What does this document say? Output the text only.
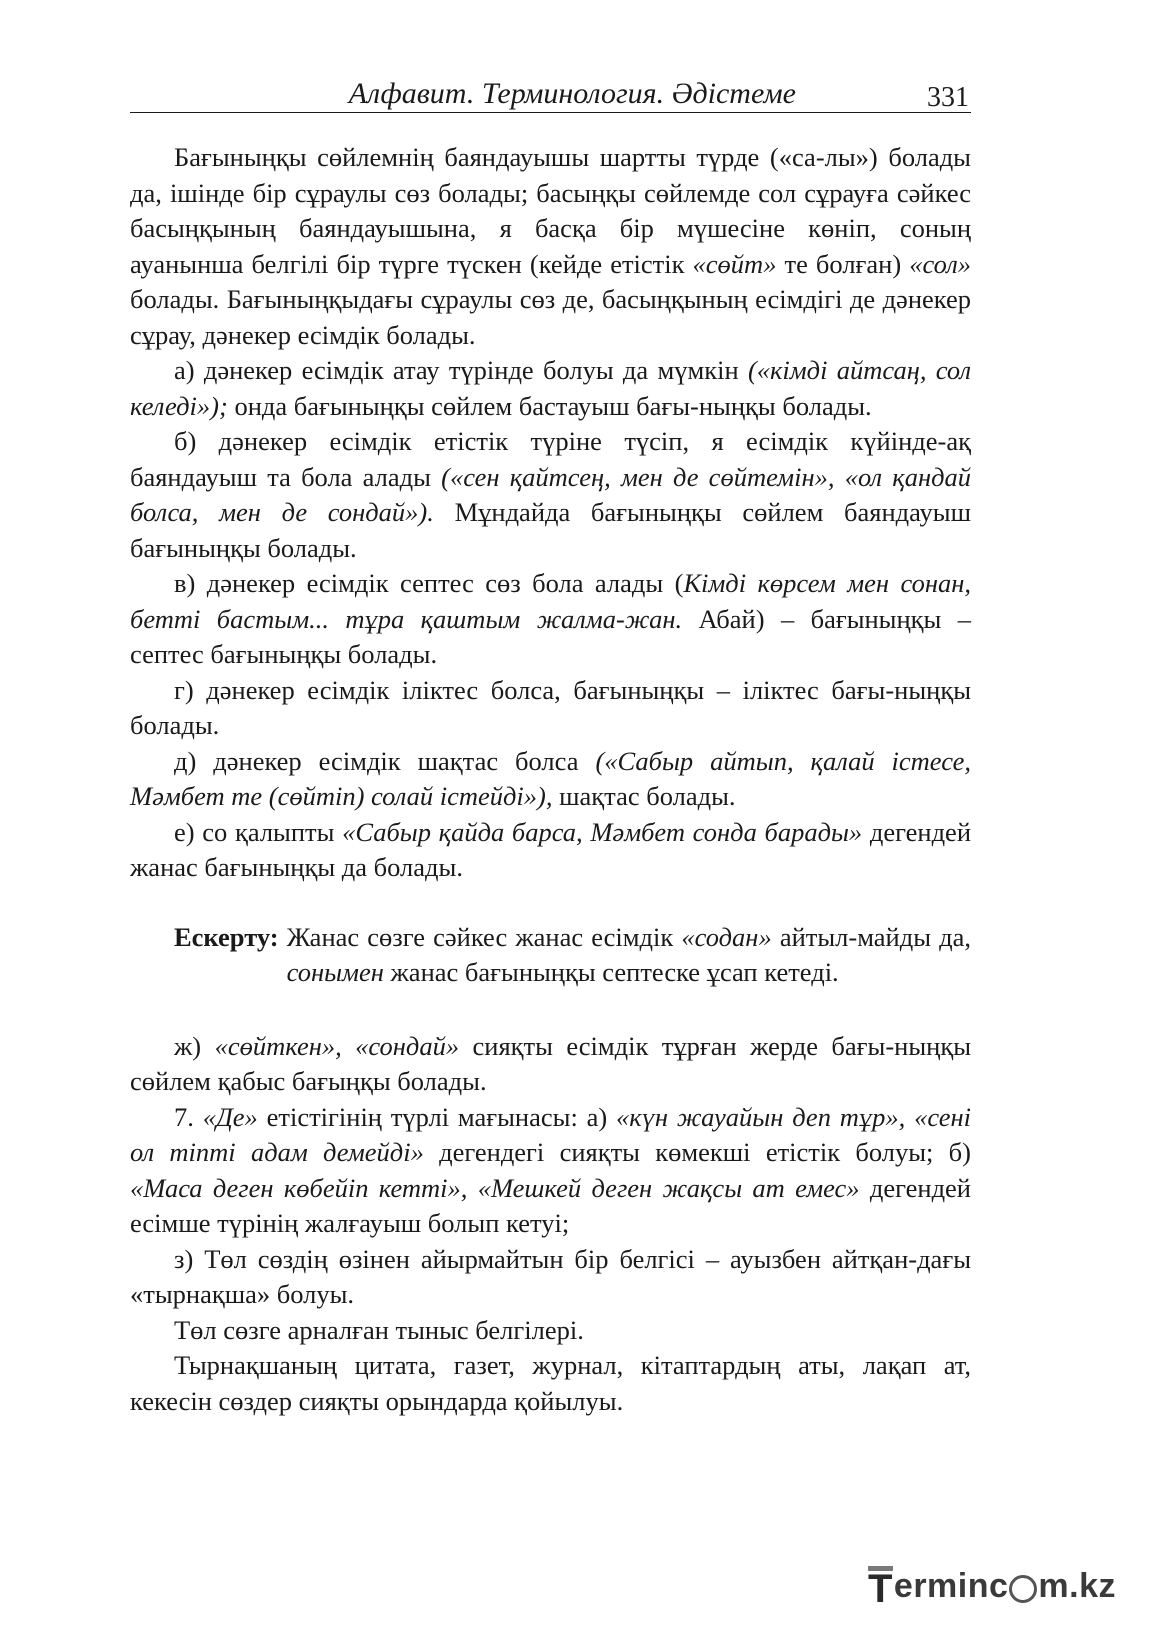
Алфавит. Терминология. Әдістеме	331

Бағыныңқы сөйлемнің баяндауышы шартты түрде («са-лы») болады да, ішінде бір сұраулы сөз болады; басыңқы сөйлемде сол сұрауға сәйкес басыңқының баяндауышына, я басқа бір мүшесіне көніп, соның ауанынша белгілі бір түрге түскен (кейде етістік «сөйт» те болған) «сол» болады. Бағыныңқыдағы сұраулы сөз де, басыңқының есімдігі де дәнекер сұрау, дәнекер есімдік болады.

а) дәнекер есімдік атау түрінде болуы да мүмкін («кімді айтсаң, сол келеді»); онда бағыныңқы сөйлем бастауыш бағы-ныңқы болады.

б) дәнекер есімдік етістік түріне түсіп, я есімдік күйінде-ақ баяндауыш та бола алады («сен қайтсең, мен де сөйтемін», «ол қандай болса, мен де сондай»). Мұндайда бағыныңқы сөйлем баяндауыш бағыныңқы болады.

в) дәнекер есімдік септес сөз бола алады (Кімді көрсем мен сонан, бетті бастым... тұра қаштым жалма-жан. Абай) – бағыныңқы – септес бағыныңқы болады.

г) дәнекер есімдік іліктес болса, бағыныңқы – іліктес бағы-ныңқы болады.

д) дәнекер есімдік шақтас болса («Сабыр айтып, қалай істесе, Мәмбет те (сөйтіп) солай істейді»), шақтас болады.

е) со қалыпты «Сабыр қайда барса, Мәмбет сонда барады» дегендей жанас бағыныңқы да болады.

Ескерту: Жанас сөзге сәйкес жанас есімдік «содан» айтыл-майды да, сонымен жанас бағыныңқы септеске ұсап кетеді.

ж) «сөйткен», «сондай» сияқты есімдік тұрған жерде бағы-ныңқы сөйлем қабыс бағыңқы болады.

7. «Де» етістігінің түрлі мағынасы: а) «күн жауайын деп тұр», «сені ол тіпті адам демейді» дегендегі сияқты көмекші етістік болуы; б) «Маса деген көбейіп кетті», «Мешкей деген жақсы ат емес» дегендей есімше түрінің жалғауыш болып кетуі;

з) Төл сөздің өзінен айырмайтын бір белгісі – ауызбен айтқан-дағы «тырнақша» болуы.

Төл сөзге арналған тыныс белгілері.

Тырнақшаның цитата, газет, журнал, кітаптардың аты, лақап ат, кекесін сөздер сияқты орындарда қойылуы.

T erminc m.kz
